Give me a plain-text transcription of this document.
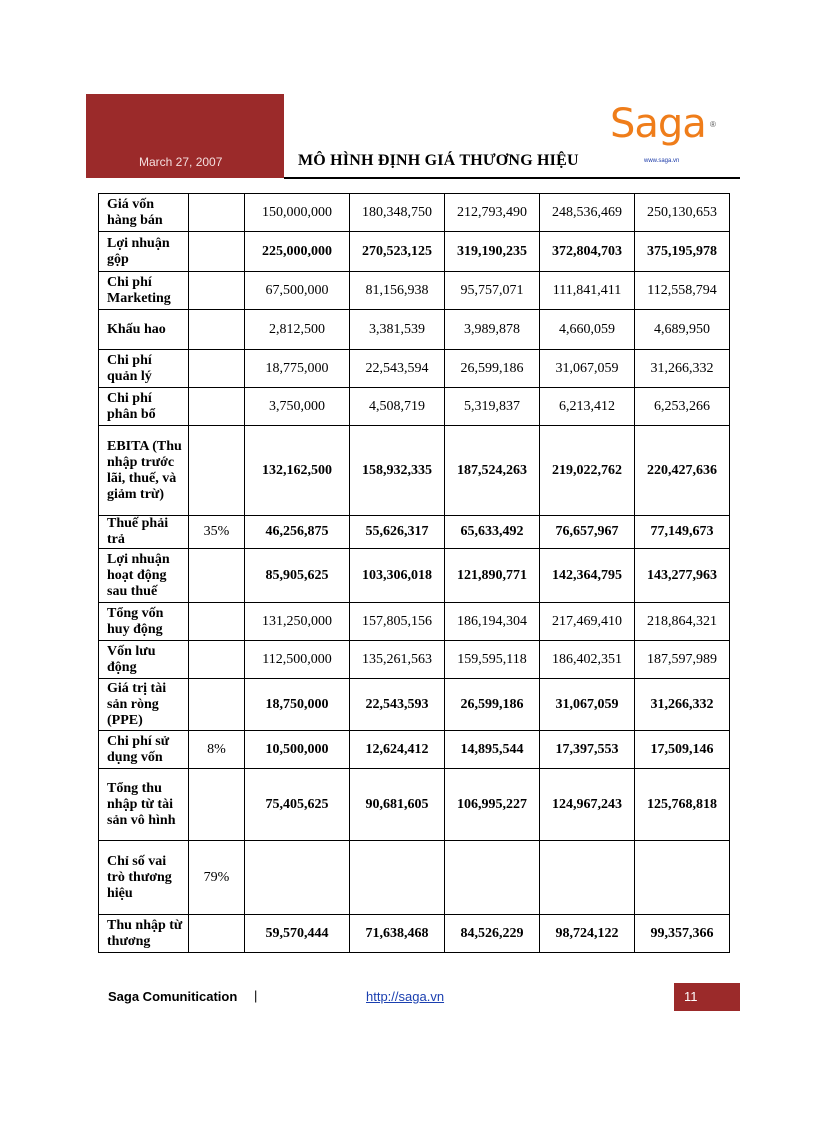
March 27, 2007	MÔ HÌNH ĐỊNH GIÁ THƯƠNG HIỆU
Saga ®
www.saga.vn
Giá vốn hàng bán		150,000,000	180,348,750	212,793,490	248,536,469	250,130,653
Lợi nhuận gộp		225,000,000	270,523,125	319,190,235	372,804,703	375,195,978
Chi phí Marketing		67,500,000	81,156,938	95,757,071	111,841,411	112,558,794
Khấu hao		2,812,500	3,381,539	3,989,878	4,660,059	4,689,950
Chi phí quản lý		18,775,000	22,543,594	26,599,186	31,067,059	31,266,332
Chi phí phân bổ		3,750,000	4,508,719	5,319,837	6,213,412	6,253,266
EBITA (Thu nhập trước lãi, thuế, và giảm trừ)		132,162,500	158,932,335	187,524,263	219,022,762	220,427,636
Thuế phải trả	35%	46,256,875	55,626,317	65,633,492	76,657,967	77,149,673
Lợi nhuận hoạt động sau thuế		85,905,625	103,306,018	121,890,771	142,364,795	143,277,963
Tổng vốn huy động		131,250,000	157,805,156	186,194,304	217,469,410	218,864,321
Vốn lưu động		112,500,000	135,261,563	159,595,118	186,402,351	187,597,989
Giá trị tài sản ròng (PPE)		18,750,000	22,543,593	26,599,186	31,067,059	31,266,332
Chi phí sử dụng vốn	8%	10,500,000	12,624,412	14,895,544	17,397,553	17,509,146
Tổng thu nhập từ tài sản vô hình		75,405,625	90,681,605	106,995,227	124,967,243	125,768,818
Chỉ số vai trò thương hiệu	79%					
Thu nhập từ thương		59,570,444	71,638,468	84,526,229	98,724,122	99,357,366
Saga Comunitication |	http://saga.vn	11
